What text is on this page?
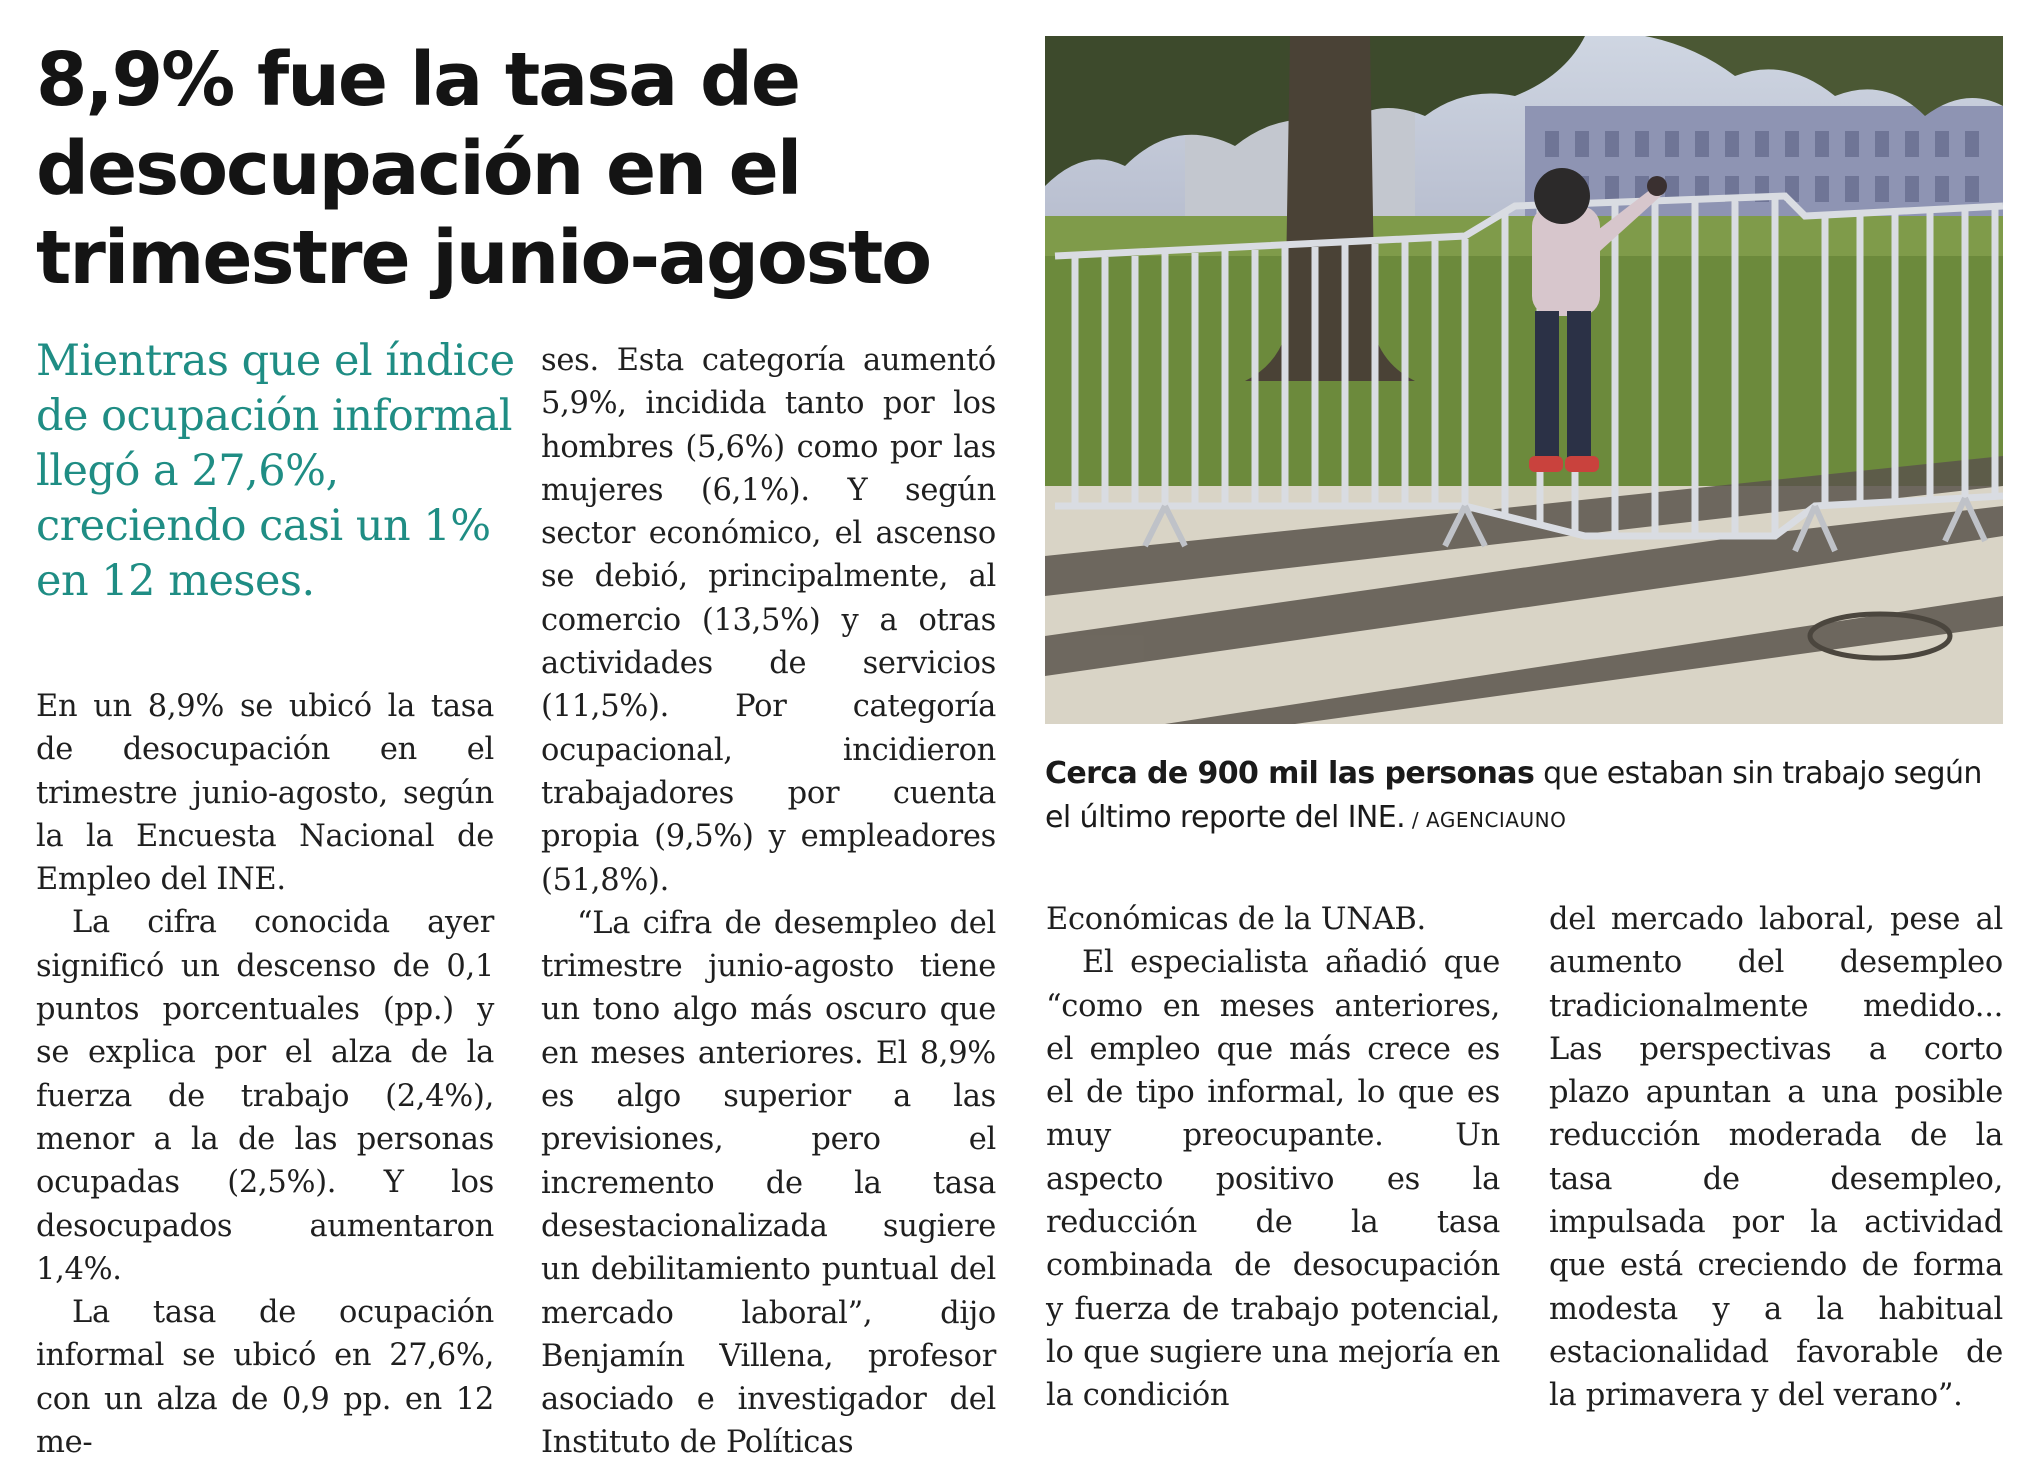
8,9% fue la tasa de desocupación en el trimestre junio-agosto

Mientras que el índice de ocupación informal llegó a 27,6%, creciendo casi un 1% en 12 meses.

En un 8,9% se ubicó la tasa de desocupación en el trimestre junio-agosto, según la la Encuesta Nacional de Empleo del INE.

La cifra conocida ayer significó un descenso de 0,1 puntos porcentuales (pp.) y se explica por el alza de la fuerza de trabajo (2,4%), menor a la de las personas ocupadas (2,5%). Y los desocupados aumentaron 1,4%.

La tasa de ocupación informal se ubicó en 27,6%, con un alza de 0,9 pp. en 12 me-

ses. Esta categoría aumentó 5,9%, incidida tanto por los hombres (5,6%) como por las mujeres (6,1%). Y según sector económico, el ascenso se debió, principalmente, al comercio (13,5%) y a otras actividades de servicios (11,5%). Por categoría ocupacional, incidieron trabajadores por cuenta propia (9,5%) y empleadores (51,8%).

“La cifra de desempleo del trimestre junio-agosto tiene un tono algo más oscuro que en meses anteriores. El 8,9% es algo superior a las previsiones, pero el incremento de la tasa desestacionalizada sugiere un debilitamiento puntual del mercado laboral”, dijo Benjamín Villena, profesor asociado e investigador del Instituto de Políticas

Cerca de 900 mil las personas que estaban sin trabajo según el último reporte del INE. / AGENCIAUNO

Económicas de la UNAB.

El especialista añadió que “como en meses anteriores, el empleo que más crece es el de tipo informal, lo que es muy preocupante. Un aspecto positivo es la reducción de la tasa combinada de desocupación y fuerza de trabajo potencial, lo que sugiere una mejoría en la condición

del mercado laboral, pese al aumento del desempleo tradicionalmente medido... Las perspectivas a corto plazo apuntan a una posible reducción moderada de la tasa de desempleo, impulsada por la actividad que está creciendo de forma modesta y a la habitual estacionalidad favorable de la primavera y del verano”.
